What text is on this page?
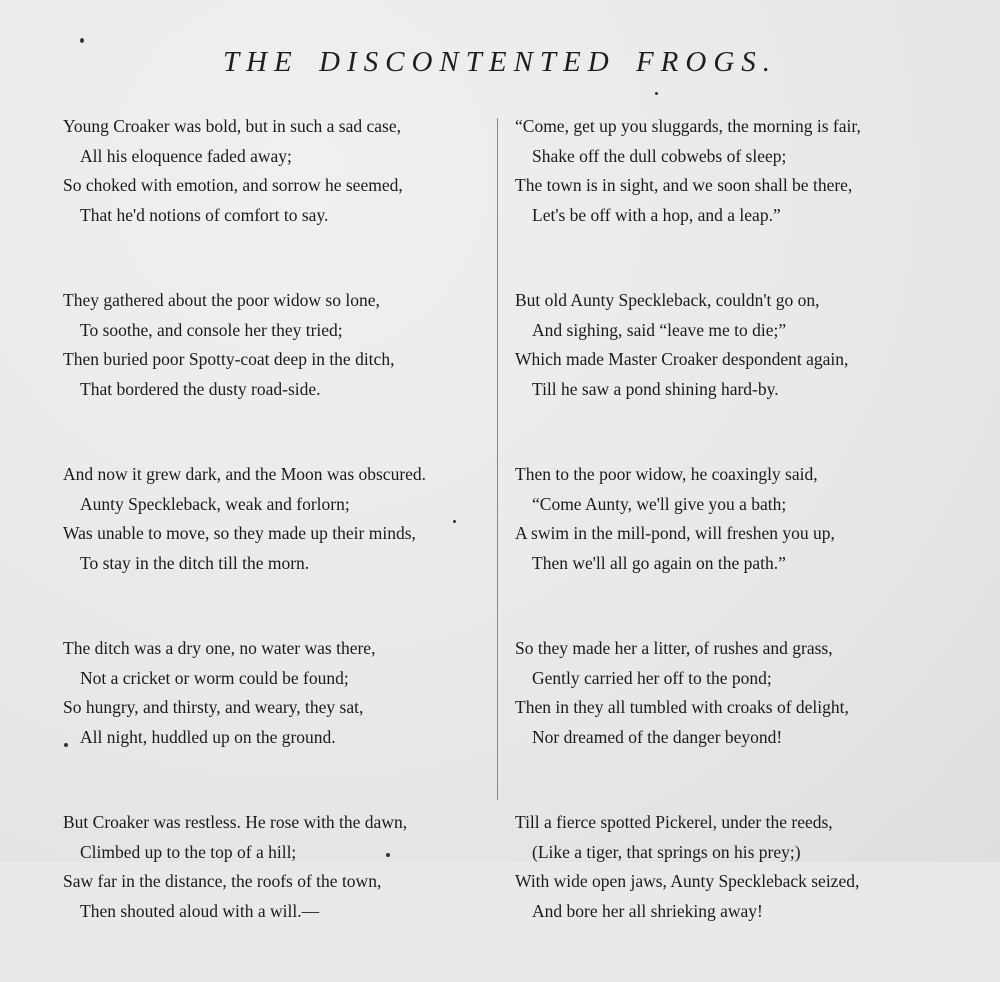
THE DISCONTENTED FROGS.
Young Croaker was bold, but in such a sad case,
All his eloquence faded away;
So choked with emotion, and sorrow he seemed,
That he'd notions of comfort to say.
They gathered about the poor widow so lone,
To soothe, and console her they tried;
Then buried poor Spotty-coat deep in the ditch,
That bordered the dusty road-side.
And now it grew dark, and the Moon was obscured.
Aunty Speckleback, weak and forlorn;
Was unable to move, so they made up their minds,
To stay in the ditch till the morn.
The ditch was a dry one, no water was there,
Not a cricket or worm could be found;
So hungry, and thirsty, and weary, they sat,
All night, huddled up on the ground.
But Croaker was restless. He rose with the dawn,
Climbed up to the top of a hill;
Saw far in the distance, the roofs of the town,
Then shouted aloud with a will.—
“Come, get up you sluggards, the morning is fair,
Shake off the dull cobwebs of sleep;
The town is in sight, and we soon shall be there,
Let's be off with a hop, and a leap.”
But old Aunty Speckleback, couldn't go on,
And sighing, said “leave me to die;”
Which made Master Croaker despondent again,
Till he saw a pond shining hard-by.
Then to the poor widow, he coaxingly said,
“Come Aunty, we'll give you a bath;
A swim in the mill-pond, will freshen you up,
Then we'll all go again on the path.”
So they made her a litter, of rushes and grass,
Gently carried her off to the pond;
Then in they all tumbled with croaks of delight,
Nor dreamed of the danger beyond!
Till a fierce spotted Pickerel, under the reeds,
(Like a tiger, that springs on his prey;)
With wide open jaws, Aunty Speckleback seized,
And bore her all shrieking away!
